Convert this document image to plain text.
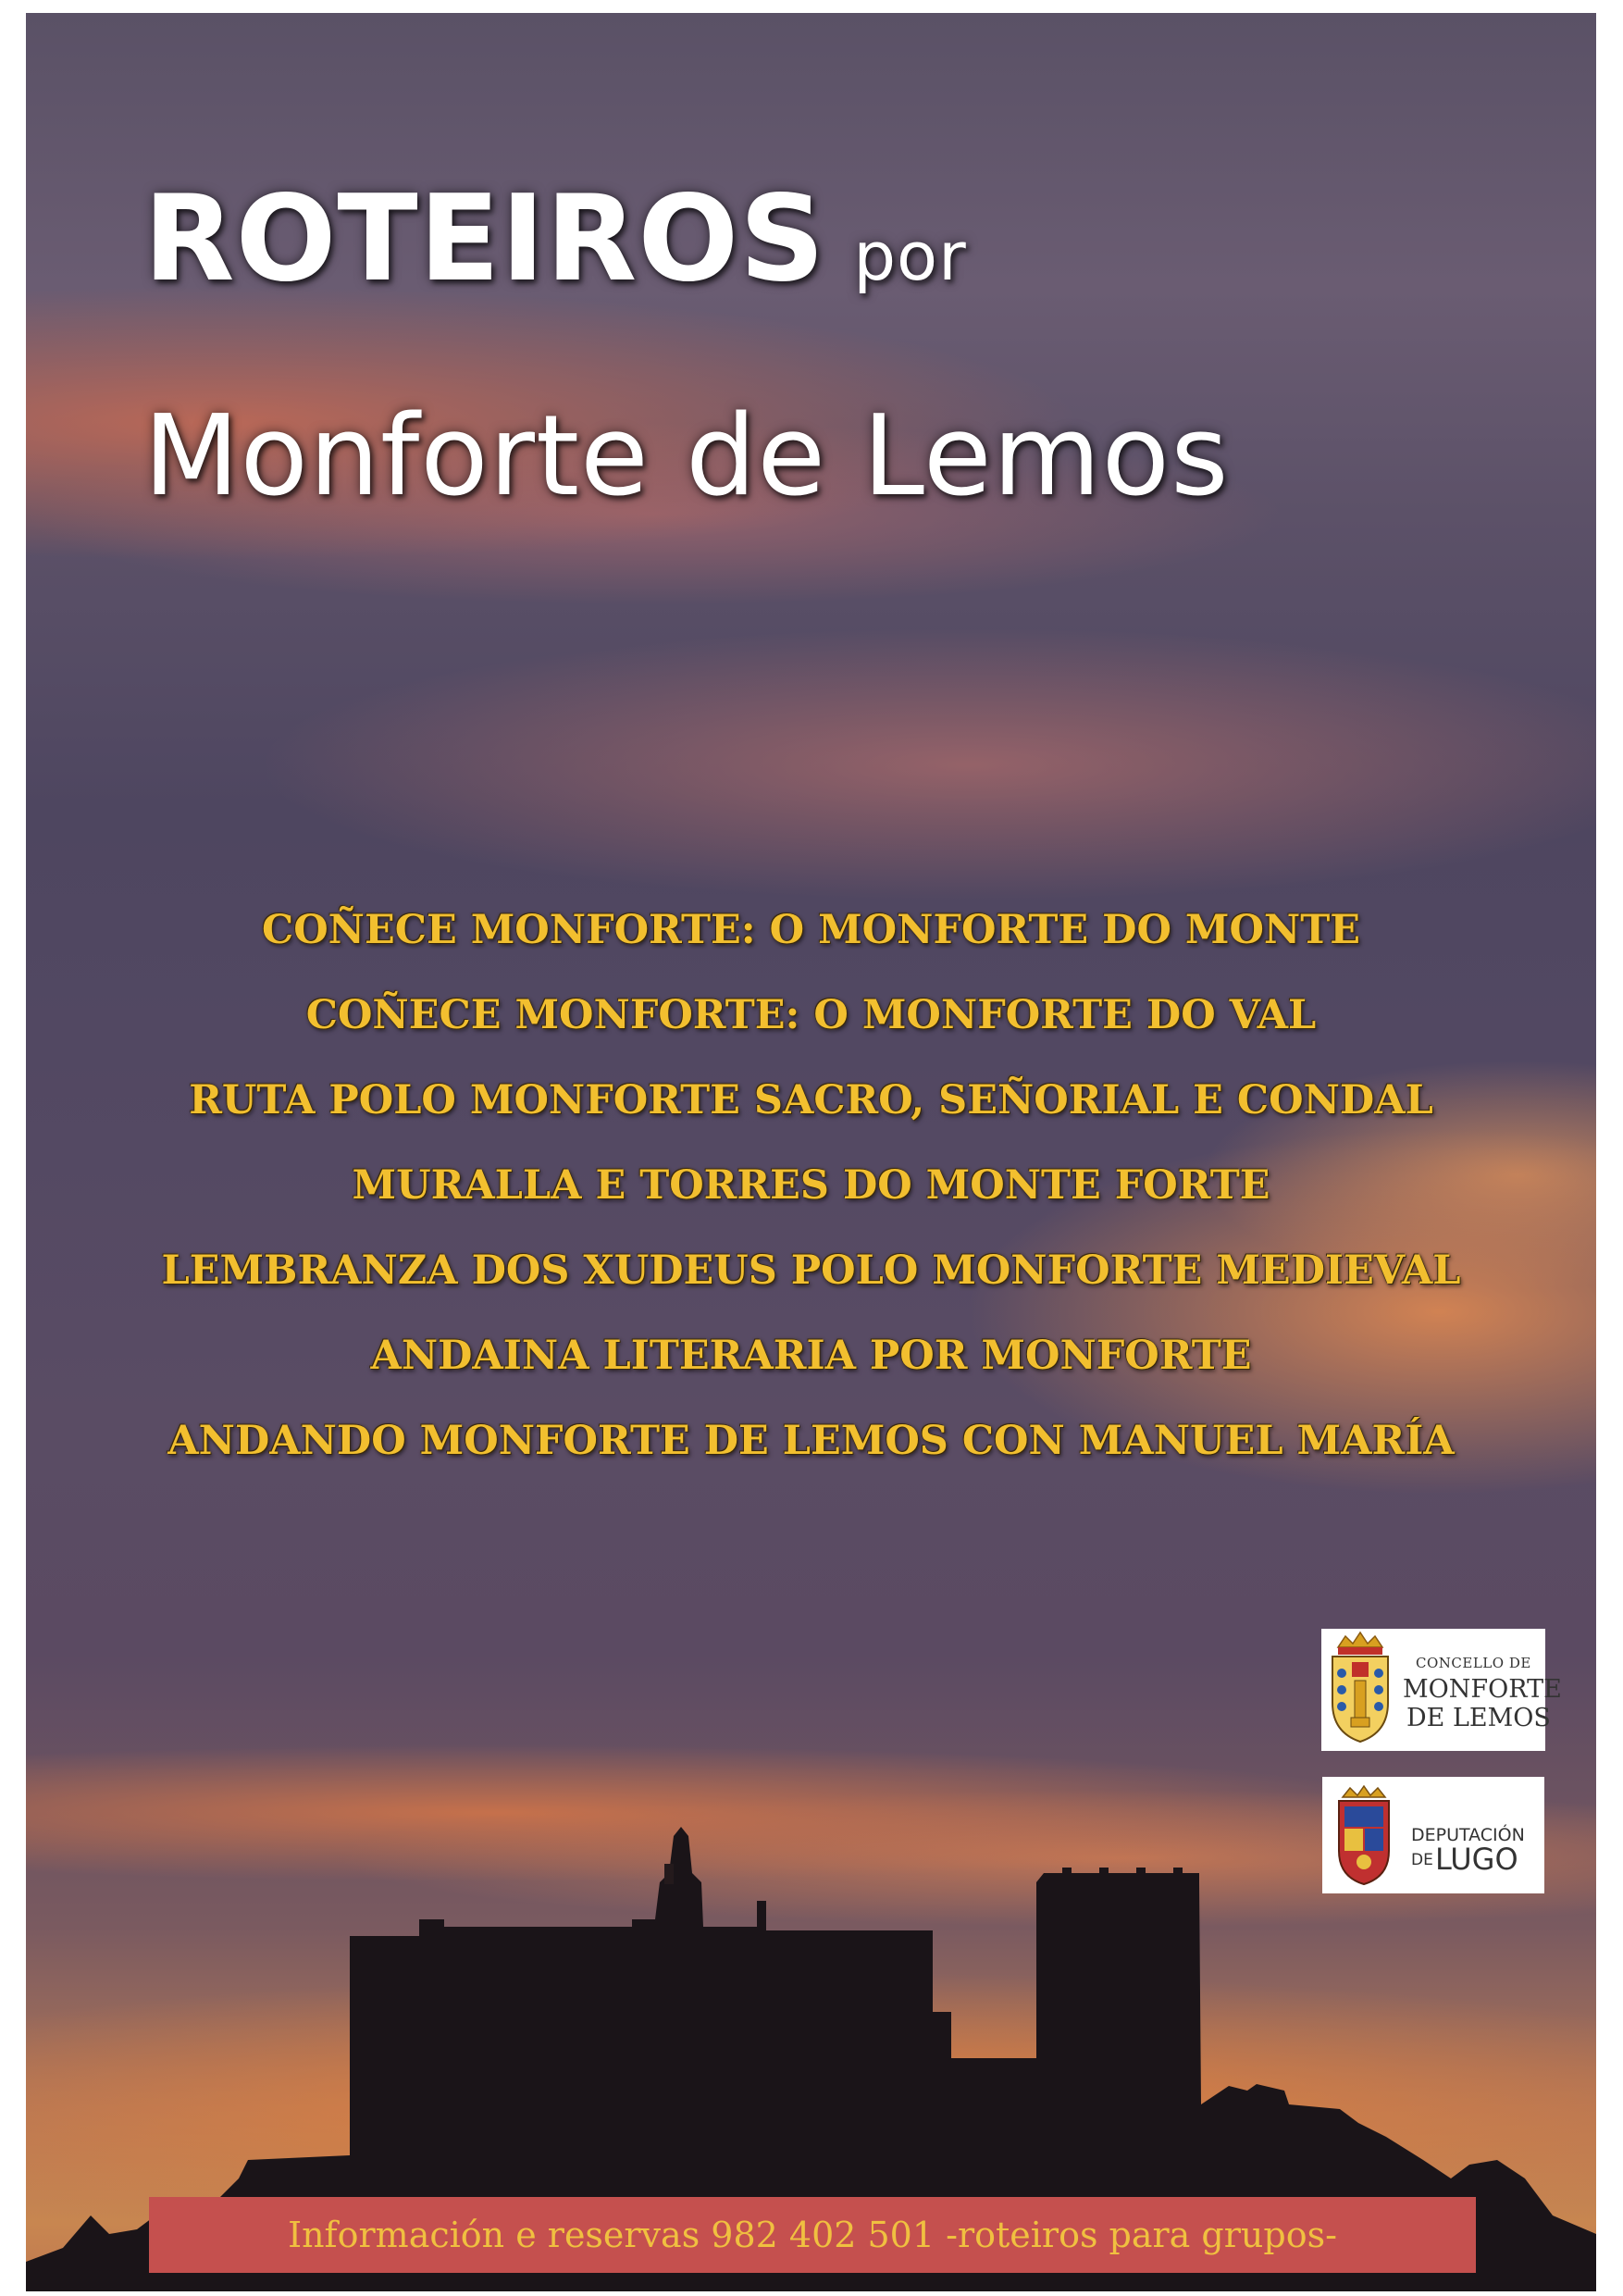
ROTEIROS por
Monforte de Lemos
COÑECE MONFORTE: O MONFORTE DO MONTE
COÑECE MONFORTE: O MONFORTE DO VAL
RUTA POLO MONFORTE SACRO, SEÑORIAL E CONDAL
MURALLA E TORRES DO MONTE FORTE
LEMBRANZA DOS XUDEUS POLO MONFORTE MEDIEVAL
ANDAINA LITERARIA POR MONFORTE
ANDANDO MONFORTE DE LEMOS CON MANUEL MARÍA
CONCELLO DE
MONFORTE
DE LEMOS
DEPUTACIÓN
DE LUGO
Información e reservas 982 402 501 -roteiros para grupos-
